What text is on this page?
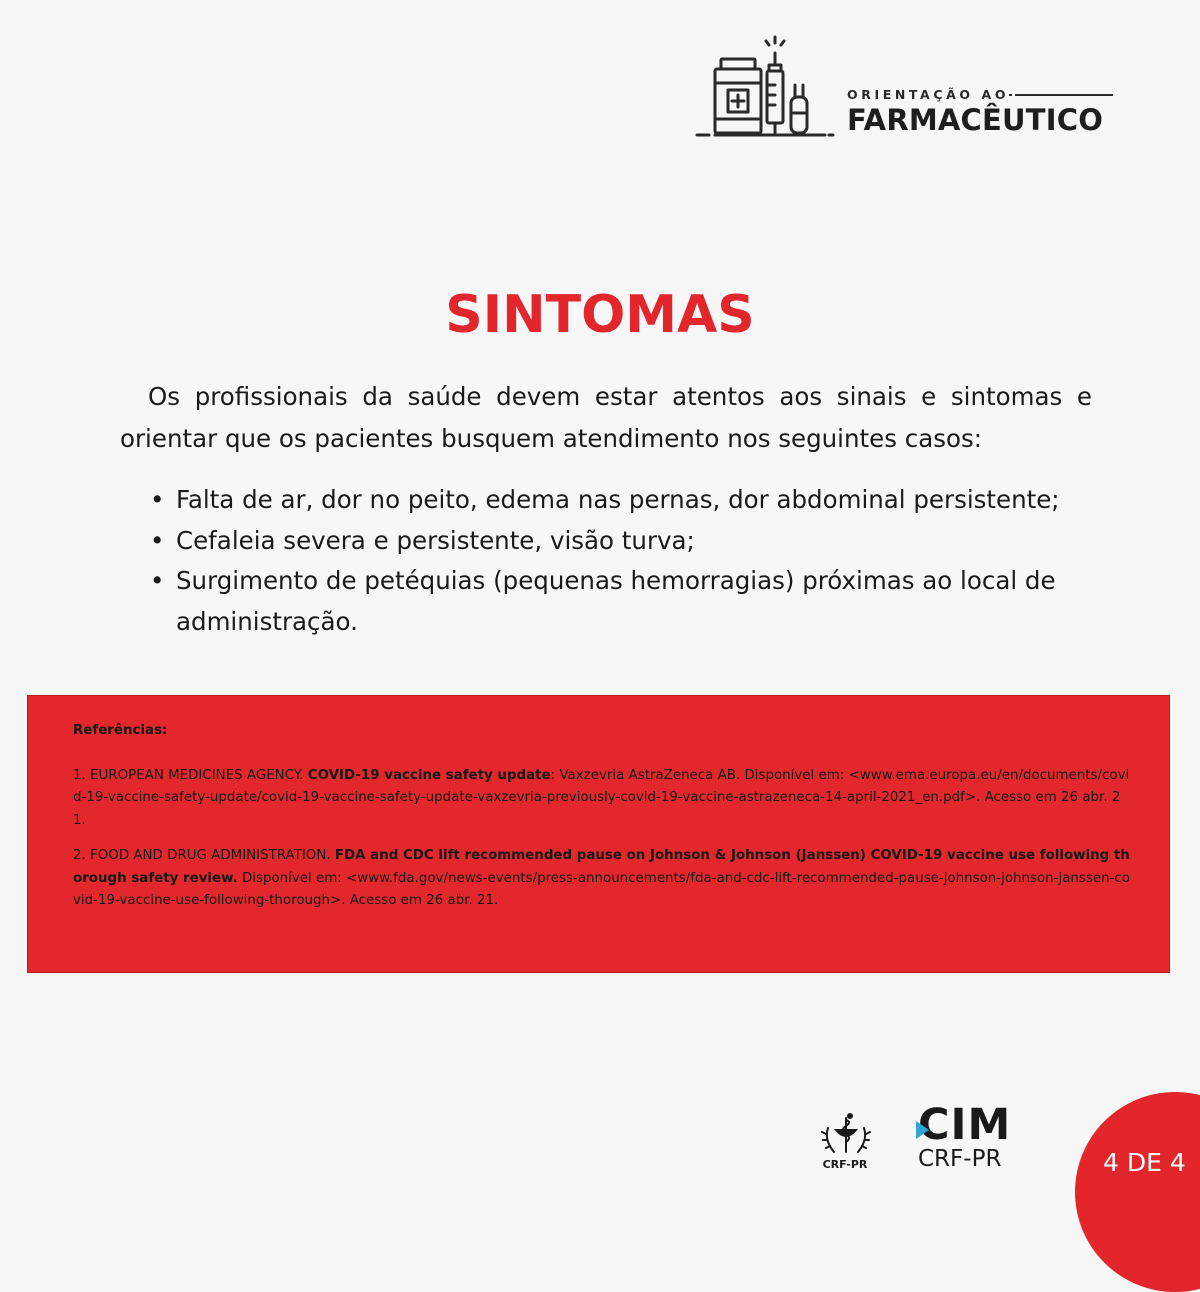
ORIENTAÇÃO AO
FARMACÊUTICO
SINTOMAS

Os profissionais da saúde devem estar atentos aos sinais e sintomas e orientar que os pacientes busquem atendimento nos seguintes casos:

• Falta de ar, dor no peito, edema nas pernas, dor abdominal persistente;
• Cefaleia severa e persistente, visão turva;
• Surgimento de petéquias (pequenas hemorragias) próximas ao local de administração.

Referências:

1. EUROPEAN MEDICINES AGENCY. COVID-19 vaccine safety update: Vaxzevria AstraZeneca AB. Disponível em: <www.ema.europa.eu/en/documents/covid-19-vaccine-safety-update/covid-19-vaccine-safety-update-vaxzevria-previously-covid-19-vaccine-astrazeneca-14-april-2021_en.pdf>. Acesso em 26 abr. 21.

2. FOOD AND DRUG ADMINISTRATION. FDA and CDC lift recommended pause on Johnson & Johnson (Janssen) COVID-19 vaccine use following thorough safety review. Disponível em: <www.fda.gov/news-events/press-announcements/fda-and-cdc-lift-recommended-pause-johnson-johnson-janssen-covid-19-vaccine-use-following-thorough>. Acesso em 26 abr. 21.

CRF-PR
CIM
CRF-PR	4 DE 4
